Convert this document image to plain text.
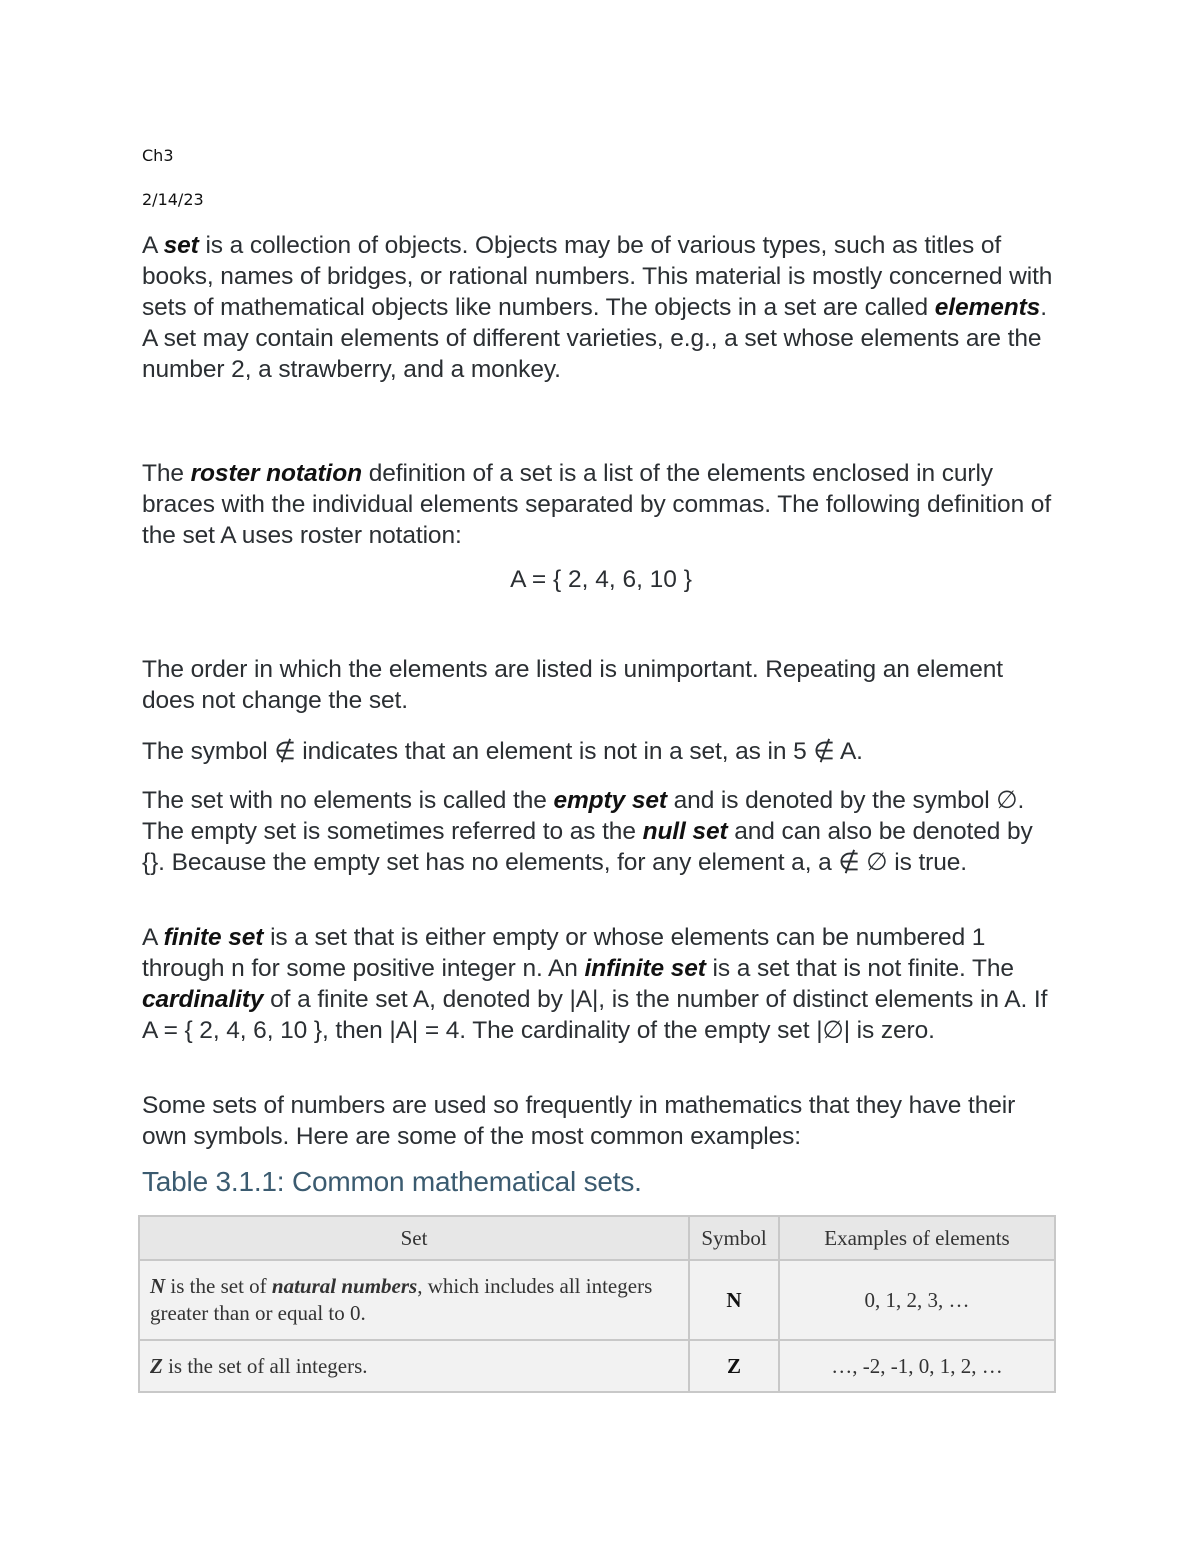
Ch3
2/14/23

A set is a collection of objects. Objects may be of various types, such as titles of books, names of bridges, or rational numbers. This material is mostly concerned with sets of mathematical objects like numbers. The objects in a set are called elements. A set may contain elements of different varieties, e.g., a set whose elements are the number 2, a strawberry, and a monkey.

The roster notation definition of a set is a list of the elements enclosed in curly braces with the individual elements separated by commas. The following definition of the set A uses roster notation:

A = { 2, 4, 6, 10 }

The order in which the elements are listed is unimportant. Repeating an element does not change the set.

The symbol ∉ indicates that an element is not in a set, as in 5 ∉ A.

The set with no elements is called the empty set and is denoted by the symbol ∅. The empty set is sometimes referred to as the null set and can also be denoted by {}. Because the empty set has no elements, for any element a, a ∉ ∅ is true.

A finite set is a set that is either empty or whose elements can be numbered 1 through n for some positive integer n. An infinite set is a set that is not finite. The cardinality of a finite set A, denoted by |A|, is the number of distinct elements in A. If A = { 2, 4, 6, 10 }, then |A| = 4. The cardinality of the empty set |∅| is zero.

Some sets of numbers are used so frequently in mathematics that they have their own symbols. Here are some of the most common examples:

Table 3.1.1: Common mathematical sets.
Set	Symbol	Examples of elements
N is the set of natural numbers, which includes all integers greater than or equal to 0.	N	0, 1, 2, 3, …
Z is the set of all integers.	Z	…, -2, -1, 0, 1, 2, …
